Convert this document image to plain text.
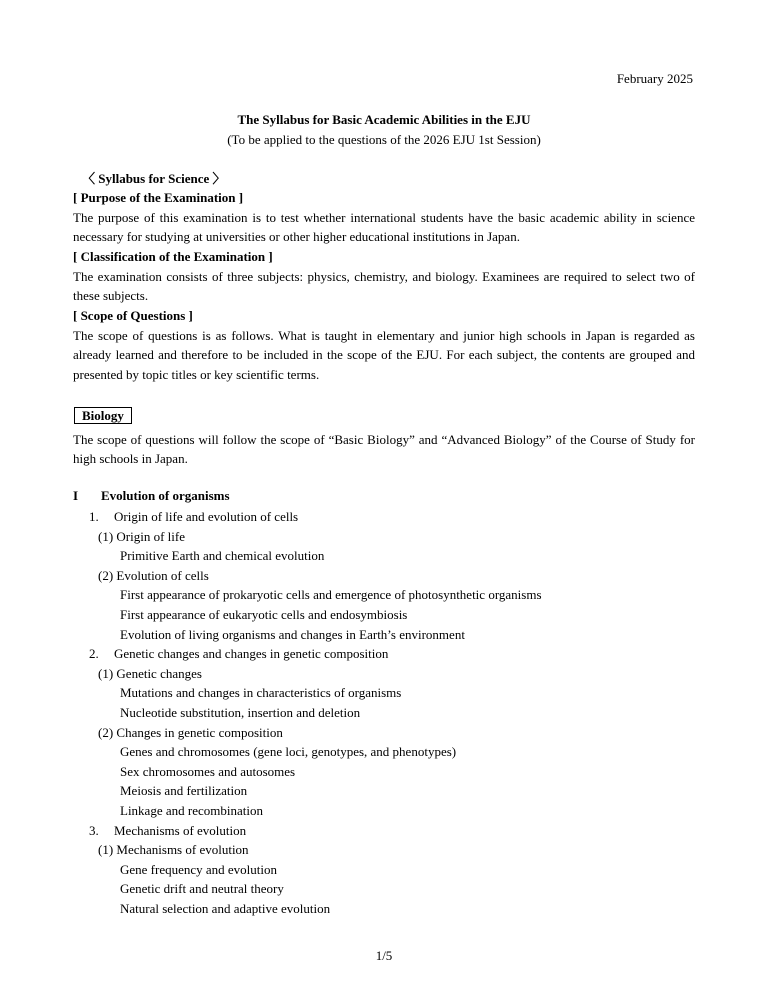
February 2025
The Syllabus for Basic Academic Abilities in the EJU
(To be applied to the questions of the 2026 EJU 1st Session)
〈 Syllabus for Science 〉
[ Purpose of the Examination ]
The purpose of this examination is to test whether international students have the basic academic ability in science necessary for studying at universities or other higher educational institutions in Japan.
[ Classification of the Examination ]
The examination consists of three subjects: physics, chemistry, and biology. Examinees are required to select two of these subjects.
[ Scope of Questions ]
The scope of questions is as follows. What is taught in elementary and junior high schools in Japan is regarded as already learned and therefore to be included in the scope of the EJU. For each subject, the contents are grouped and presented by topic titles or key scientific terms.
Biology
The scope of questions will follow the scope of “Basic Biology” and “Advanced Biology” of the Course of Study for high schools in Japan.
I Evolution of organisms
1. Origin of life and evolution of cells
(1) Origin of life
Primitive Earth and chemical evolution
(2) Evolution of cells
First appearance of prokaryotic cells and emergence of photosynthetic organisms
First appearance of eukaryotic cells and endosymbiosis
Evolution of living organisms and changes in Earth’s environment
2. Genetic changes and changes in genetic composition
(1) Genetic changes
Mutations and changes in characteristics of organisms
Nucleotide substitution, insertion and deletion
(2) Changes in genetic composition
Genes and chromosomes (gene loci, genotypes, and phenotypes)
Sex chromosomes and autosomes
Meiosis and fertilization
Linkage and recombination
3. Mechanisms of evolution
(1) Mechanisms of evolution
Gene frequency and evolution
Genetic drift and neutral theory
Natural selection and adaptive evolution
1/5
